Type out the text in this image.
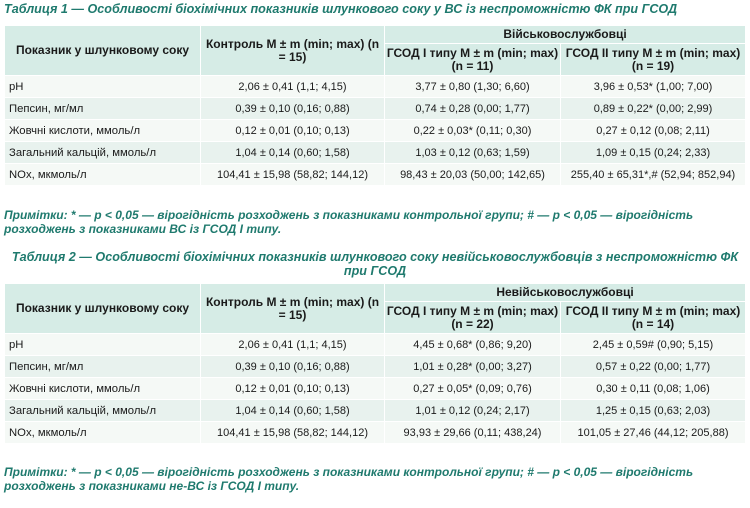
Таблиця 1 — Особливості біохімічних показників шлункового соку у ВС із неспроможністю ФК при ГСОД
Показник у шлунковому соку	Контроль M ± m (min; max) (n = 15)	Військовослужбовці	
		ГСОД I типу M ± m (min; max) (n = 11)	ГСОД II типу M ± m (min; max) (n = 19)
pH	2,06 ± 0,41 (1,1; 4,15)	3,77 ± 0,80 (1,30; 6,60)	3,96 ± 0,53* (1,00; 7,00)
Пепсин, мг/мл	0,39 ± 0,10 (0,16; 0,88)	0,74 ± 0,28 (0,00; 1,77)	0,89 ± 0,22* (0,00; 2,99)
Жовчні кислоти, ммоль/л	0,12 ± 0,01 (0,10; 0,13)	0,22 ± 0,03* (0,11; 0,30)	0,27 ± 0,12 (0,08; 2,11)
Загальний кальцій, ммоль/л	1,04 ± 0,14 (0,60; 1,58)	1,03 ± 0,12 (0,63; 1,59)	1,09 ± 0,15 (0,24; 2,33)
NOx, мкмоль/л	104,41 ± 15,98 (58,82; 144,12)	98,43 ± 20,03 (50,00; 142,65)	255,40 ± 65,31*,# (52,94; 852,94)
Примітки: * — p < 0,05 — вірогідність розходжень з показниками контрольної групи; # — p < 0,05 — вірогідність розходжень з показниками ВС із ГСОД I типу.
Таблиця 2 — Особливості біохімічних показників шлункового соку невійськовослужбовців з неспроможністю ФК при ГСОД
Показник у шлунковому соку	Контроль M ± m (min; max) (n = 15)	Невійськовослужбовці	
		ГСОД I типу M ± m (min; max) (n = 22)	ГСОД II типу M ± m (min; max) (n = 14)
pH	2,06 ± 0,41 (1,1; 4,15)	4,45 ± 0,68* (0,86; 9,20)	2,45 ± 0,59# (0,90; 5,15)
Пепсин, мг/мл	0,39 ± 0,10 (0,16; 0,88)	1,01 ± 0,28* (0,00; 3,27)	0,57 ± 0,22 (0,00; 1,77)
Жовчні кислоти, ммоль/л	0,12 ± 0,01 (0,10; 0,13)	0,27 ± 0,05* (0,09; 0,76)	0,30 ± 0,11 (0,08; 1,06)
Загальний кальцій, ммоль/л	1,04 ± 0,14 (0,60; 1,58)	1,01 ± 0,12 (0,24; 2,17)	1,25 ± 0,15 (0,63; 2,03)
NOx, мкмоль/л	104,41 ± 15,98 (58,82; 144,12)	93,93 ± 29,66 (0,11; 438,24)	101,05 ± 27,46 (44,12; 205,88)
Примітки: * — p < 0,05 — вірогідність розходжень з показниками контрольної групи; # — p < 0,05 — вірогідність розходжень з показниками не-ВС із ГСОД I типу.
